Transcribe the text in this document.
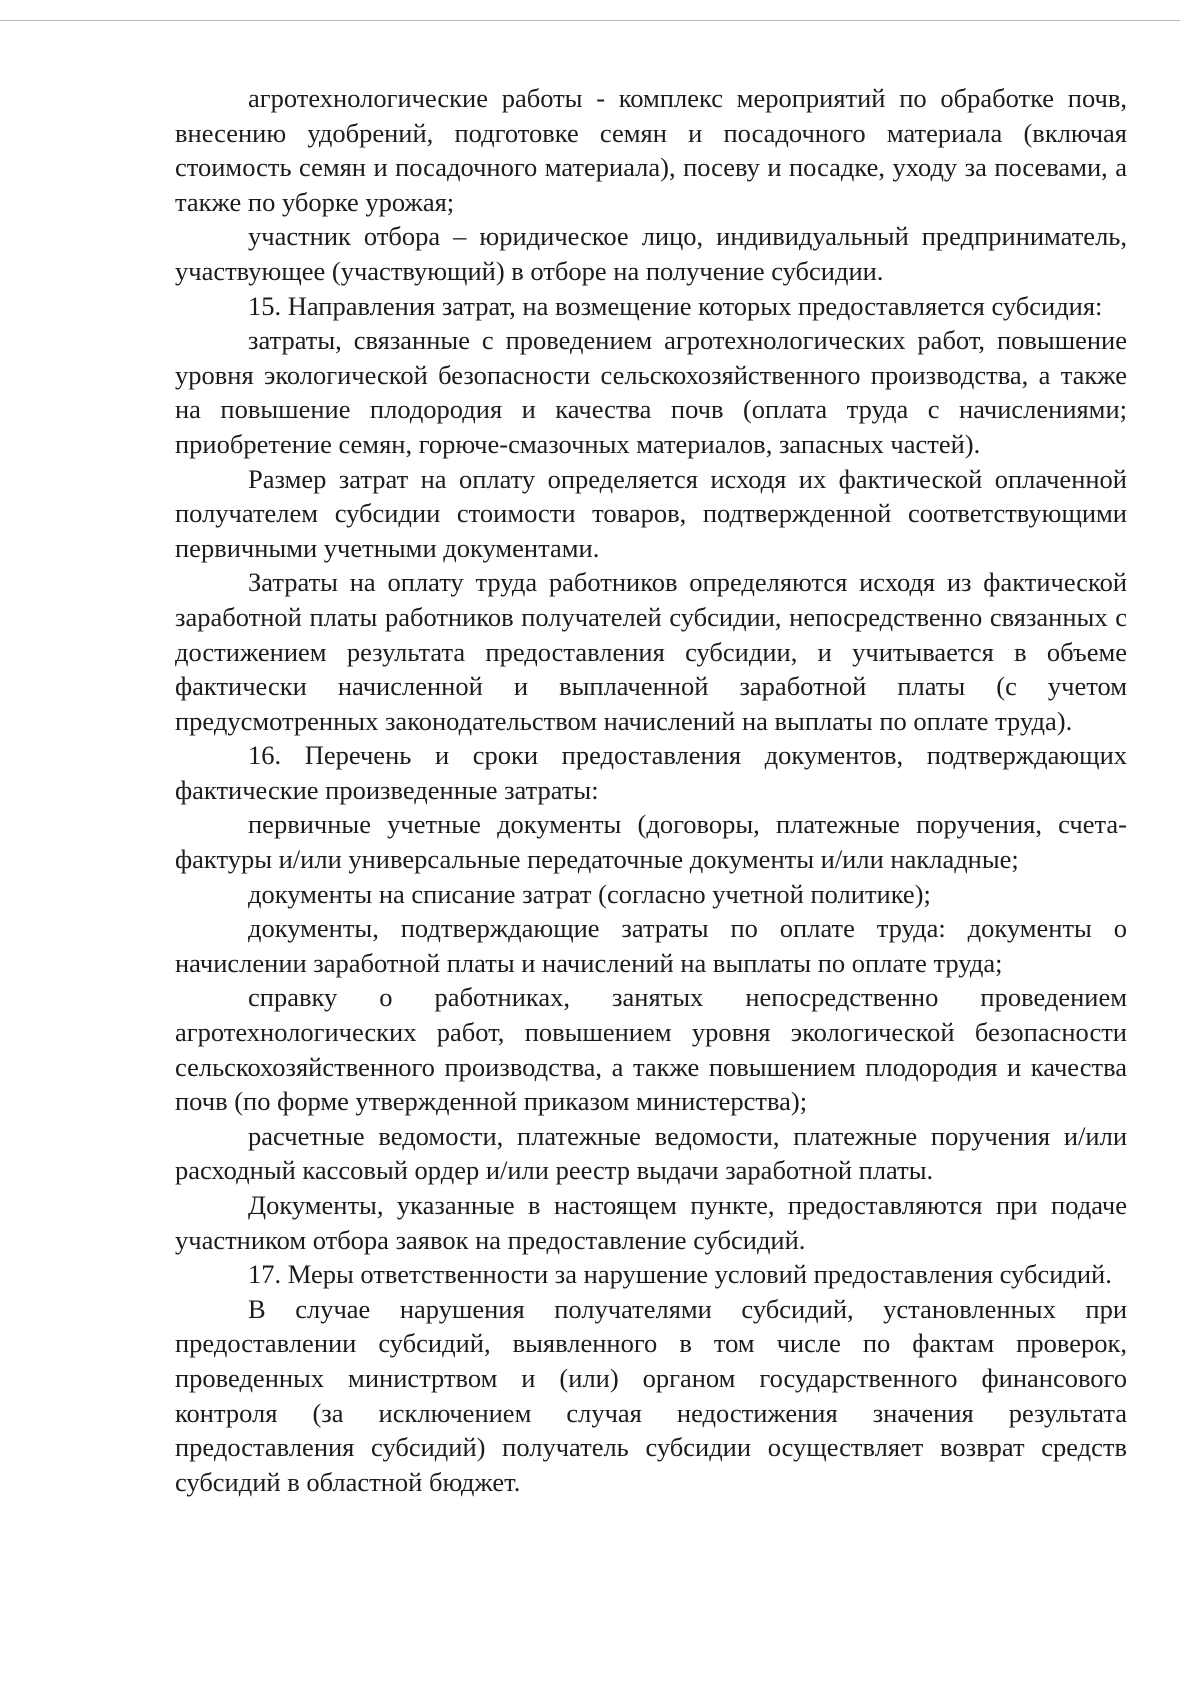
агротехнологические работы - комплекс мероприятий по обработке почв, внесению удобрений, подготовке семян и посадочного материала (включая стоимость семян и посадочного материала), посеву и посадке, уходу за посевами, а также по уборке урожая;

участник отбора – юридическое лицо, индивидуальный предприниматель, участвующее (участвующий) в отборе на получение субсидии.

15. Направления затрат, на возмещение которых предоставляется субсидия:

затраты, связанные с проведением агротехнологических работ, повышение уровня экологической безопасности сельскохозяйственного производства, а также на повышение плодородия и качества почв (оплата труда с начислениями; приобретение семян, горюче-смазочных материалов, запасных частей).

Размер затрат на оплату определяется исходя их фактической оплаченной получателем субсидии стоимости товаров, подтвержденной соответствующими первичными учетными документами.

Затраты на оплату труда работников определяются исходя из фактической заработной платы работников получателей субсидии, непосредственно связанных с достижением результата предоставления субсидии, и учитывается в объеме фактически начисленной и выплаченной заработной платы (с учетом предусмотренных законодательством начислений на выплаты по оплате труда).

16. Перечень и сроки предоставления документов, подтверждающих фактические произведенные затраты:

первичные учетные документы (договоры, платежные поручения, счета-фактуры и/или универсальные передаточные документы и/или накладные;

документы на списание затрат (согласно учетной политике);

документы, подтверждающие затраты по оплате труда: документы о начислении заработной платы и начислений на выплаты по оплате труда;

справку о работниках, занятых непосредственно проведением агротехнологических работ, повышением уровня экологической безопасности сельскохозяйственного производства, а также повышением плодородия и качества почв (по форме утвержденной приказом министерства);

расчетные ведомости, платежные ведомости, платежные поручения и/или расходный кассовый ордер и/или реестр выдачи заработной платы.

Документы, указанные в настоящем пункте, предоставляются при подаче участником отбора заявок на предоставление субсидий.

17. Меры ответственности за нарушение условий предоставления субсидий.

В случае нарушения получателями субсидий, установленных при предоставлении субсидий, выявленного в том числе по фактам проверок, проведенных министртвом и (или) органом государственного финансового контроля (за исключением случая недостижения значения результата предоставления субсидий) получатель субсидии осуществляет возврат средств субсидий в областной бюджет.
